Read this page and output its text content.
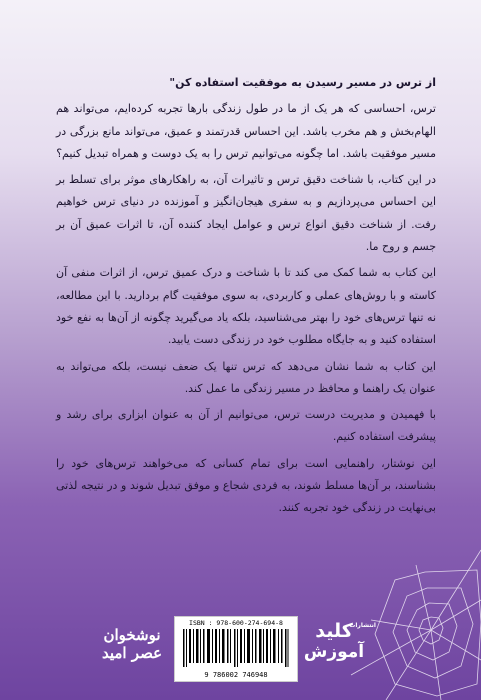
از ترس در مسیر رسیدن به موفقیت استفاده کن"

ترس، احساسی که هر یک از ما در طول زندگی بارها تجربه کرده‌ایم، می‌تواند هم الهام‌بخش و هم مخرب باشد. این احساس قدرتمند و عمیق، می‌تواند مانع بزرگی در مسیر موفقیت باشد. اما چگونه می‌توانیم ترس را به یک دوست و همراه تبدیل کنیم؟

در این کتاب، با شناخت دقیق ترس و تاثیرات آن، به راهکارهای موثر برای تسلط بر این احساس می‌پردازیم و به سفری هیجان‌انگیز و آموزنده در دنیای ترس خواهیم رفت. از شناخت دقیق انواع ترس و عوامل ایجاد کننده آن، تا اثرات عمیق آن بر جسم و روح ما.

این کتاب به شما کمک می کند تا با شناخت و درک عمیق ترس، از اثرات منفی آن کاسته و با روش‌های عملی و کاربردی، به سوی موفقیت گام بردارید. با این مطالعه، نه تنها ترس‌های خود را بهتر می‌شناسید، بلکه یاد می‌گیرید چگونه از آن‌ها به نفع خود استفاده کنید و به جایگاه مطلوب خود در زندگی دست یابید.

این کتاب به شما نشان می‌دهد که ترس تنها یک ضعف نیست، بلکه می‌تواند به عنوان یک راهنما و محافظ در مسیر زندگی ما عمل کند.

با فهمیدن و مدیریت درست ترس، می‌توانیم از آن به عنوان ابزاری برای رشد و پیشرفت استفاده کنیم.

این نوشتار، راهنمایی است برای تمام کسانی که می‌خواهند ترس‌های خود را بشناسند، بر آن‌ها مسلط شوند، به فردی شجاع و موفق تبدیل شوند و در نتیجه لذتی بی‌نهایت در زندگی خود تجربه کنند.

نوشخوان
عصر امید
ISBN : 978-600-274-694-8
9 786002 746948
انتشارات
کلید
آموزش
